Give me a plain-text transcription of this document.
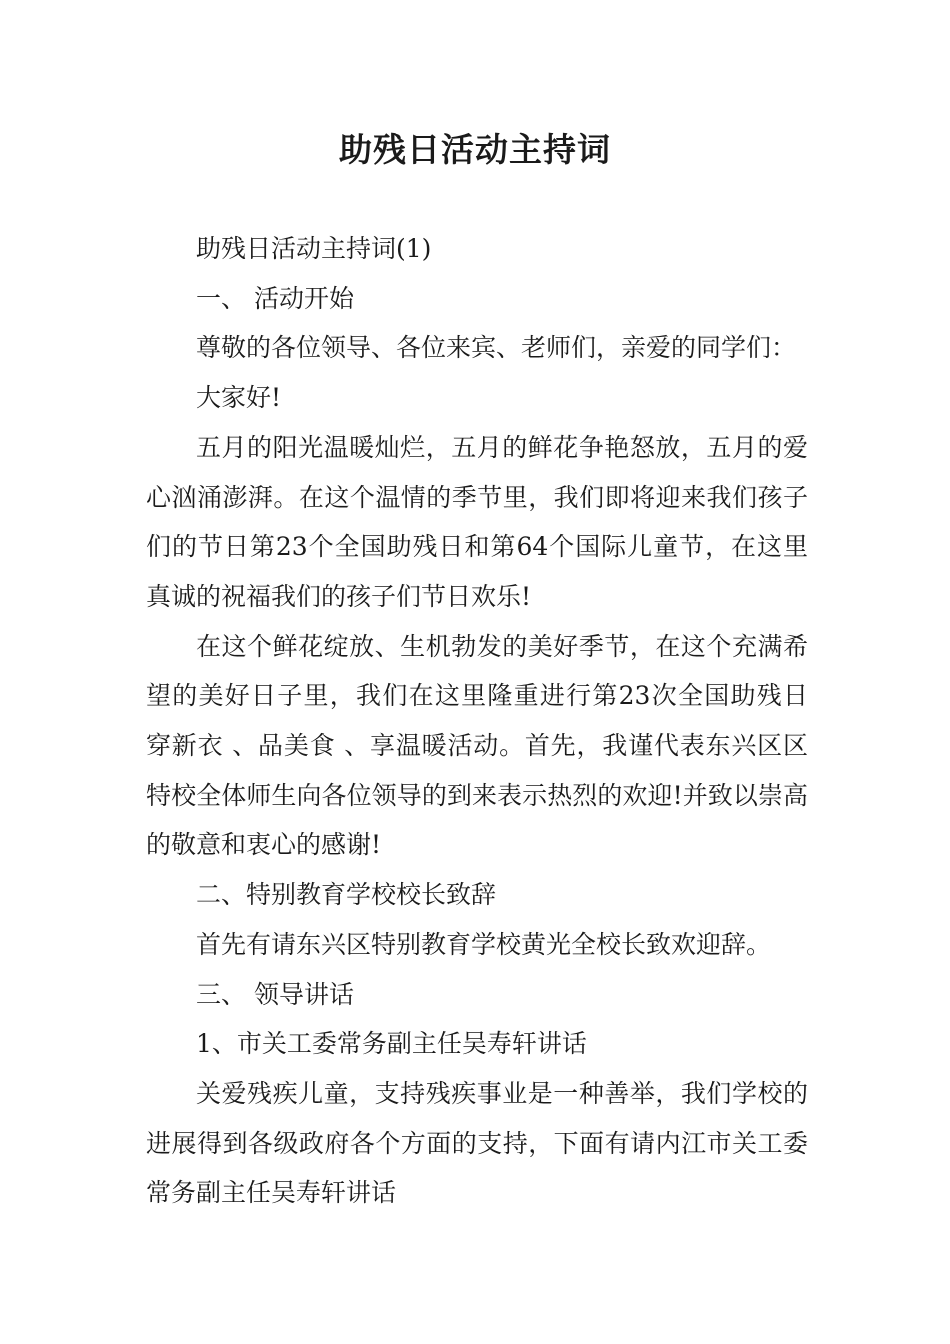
助残日活动主持词

助残日活动主持词(1)

一、 活动开始

尊敬的各位领导、各位来宾、老师们，亲爱的同学们：

大家好!

五月的阳光温暖灿烂，五月的鲜花争艳怒放，五月的爱心汹涌澎湃。在这个温情的季节里，我们即将迎来我们孩子们的节日第23个全国助残日和第64个国际儿童节，在这里真诚的祝福我们的孩子们节日欢乐!

在这个鲜花绽放、生机勃发的美好季节，在这个充满希望的美好日子里，我们在这里隆重进行第23次全国助残日 穿新衣 、品美食 、享温暖活动。首先，我谨代表东兴区区特校全体师生向各位领导的到来表示热烈的欢迎!并致以崇高的敬意和衷心的感谢!

二、特别教育学校校长致辞

首先有请东兴区特别教育学校黄光全校长致欢迎辞。

三、 领导讲话

1、市关工委常务副主任吴寿轩讲话

关爱残疾儿童，支持残疾事业是一种善举，我们学校的进展得到各级政府各个方面的支持，下面有请内江市关工委常务副主任吴寿轩讲话
